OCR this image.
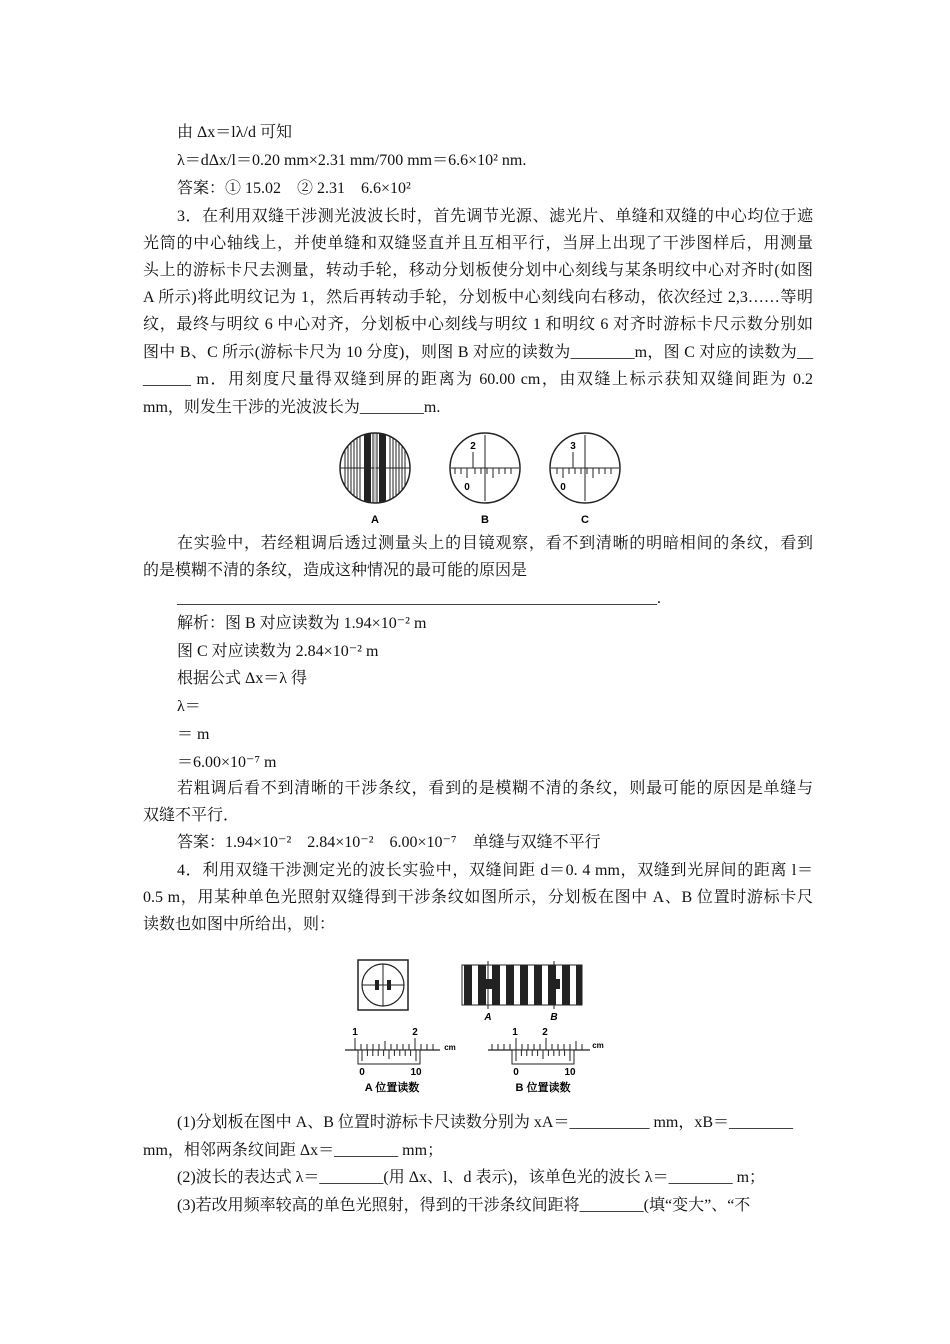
由 Δx＝lλ/d 可知
λ＝dΔx/l＝0.20 mm×2.31 mm/700 mm＝6.6×10² nm.
答案：① 15.02　② 2.31　6.6×10²
3．在利用双缝干涉测光波波长时，首先调节光源、滤光片、单缝和双缝的中心均位于遮
光筒的中心轴线上，并使单缝和双缝竖直并且互相平行，当屏上出现了干涉图样后，用测量
头上的游标卡尺去测量，转动手轮，移动分划板使分划中心刻线与某条明纹中心对齐时(如图
A 所示)将此明纹记为 1，然后再转动手轮，分划板中心刻线向右移动，依次经过 2,3……等明
纹，最终与明纹 6 中心对齐，分划板中心刻线与明纹 1 和明纹 6 对齐时游标卡尺示数分别如
图中 B、C 所示(游标卡尺为 10 分度)，则图 B 对应的读数为________m，图 C 对应的读数为__
______ m．用刻度尺量得双缝到屏的距离为 60.00 cm，由双缝上标示获知双缝间距为 0.2
mm，则发生干涉的光波波长为________m.
A
2
0
B
3
0
C
在实验中，若经粗调后透过测量头上的目镜观察，看不到清晰的明暗相间的条纹，看到
的是模糊不清的条纹，造成这种情况的最可能的原因是
____________________________________________________________.
解析：图 B 对应读数为 1.94×10⁻² m
图 C 对应读数为 2.84×10⁻² m
根据公式 Δx＝λ 得
λ＝
＝ m
＝6.00×10⁻⁷ m
若粗调后看不到清晰的干涉条纹，看到的是模糊不清的条纹，则最可能的原因是单缝与
双缝不平行．
答案：1.94×10⁻²　2.84×10⁻²　6.00×10⁻⁷　单缝与双缝不平行
4．利用双缝干涉测定光的波长实验中，双缝间距 d＝0. 4 mm，双缝到光屏间的距离 l＝
0.5 m，用某种单色光照射双缝得到干涉条纹如图所示，分划板在图中 A、B 位置时游标卡尺
读数也如图中所给出，则：
A	B
1	2
cm
0	10
A 位置读数
1 2
cm
0	10
B 位置读数
(1)分划板在图中 A、B 位置时游标卡尺读数分别为 xA＝__________ mm，xB＝________
mm，相邻两条纹间距 Δx＝________ mm；
(2)波长的表达式 λ＝________(用 Δx、l、d 表示)，该单色光的波长 λ＝________ m；
(3)若改用频率较高的单色光照射，得到的干涉条纹间距将________(填“变大”、“不
